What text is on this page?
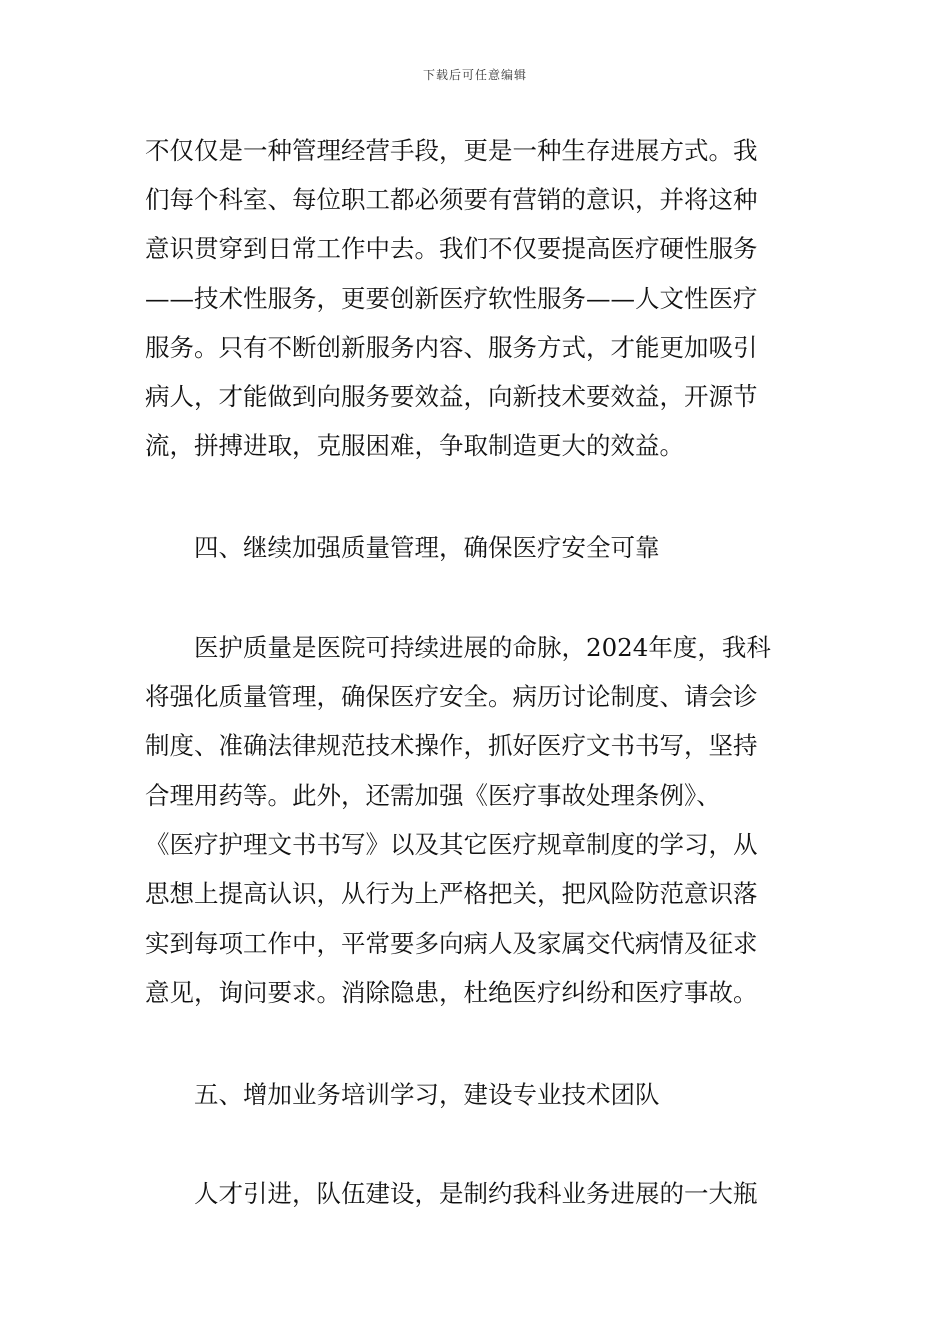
下载后可任意编辑
不仅仅是一种管理经营手段，更是一种生存进展方式。我
们每个科室、每位职工都必须要有营销的意识，并将这种
意识贯穿到日常工作中去。我们不仅要提高医疗硬性服务
——技术性服务，更要创新医疗软性服务——人文性医疗
服务。只有不断创新服务内容、服务方式，才能更加吸引
病人，才能做到向服务要效益，向新技术要效益，开源节
流，拼搏进取，克服困难，争取制造更大的效益。
　　四、继续加强质量管理，确保医疗安全可靠
　　医护质量是医院可持续进展的命脉，2024年度，我科
将强化质量管理，确保医疗安全。病历讨论制度、请会诊
制度、准确法律规范技术操作，抓好医疗文书书写，坚持
合理用药等。此外，还需加强《医疗事故处理条例》、
《医疗护理文书书写》以及其它医疗规章制度的学习，从
思想上提高认识，从行为上严格把关，把风险防范意识落
实到每项工作中，平常要多向病人及家属交代病情及征求
意见，询问要求。消除隐患，杜绝医疗纠纷和医疗事故。
　　五、增加业务培训学习，建设专业技术团队
　　人才引进，队伍建设，是制约我科业务进展的一大瓶
